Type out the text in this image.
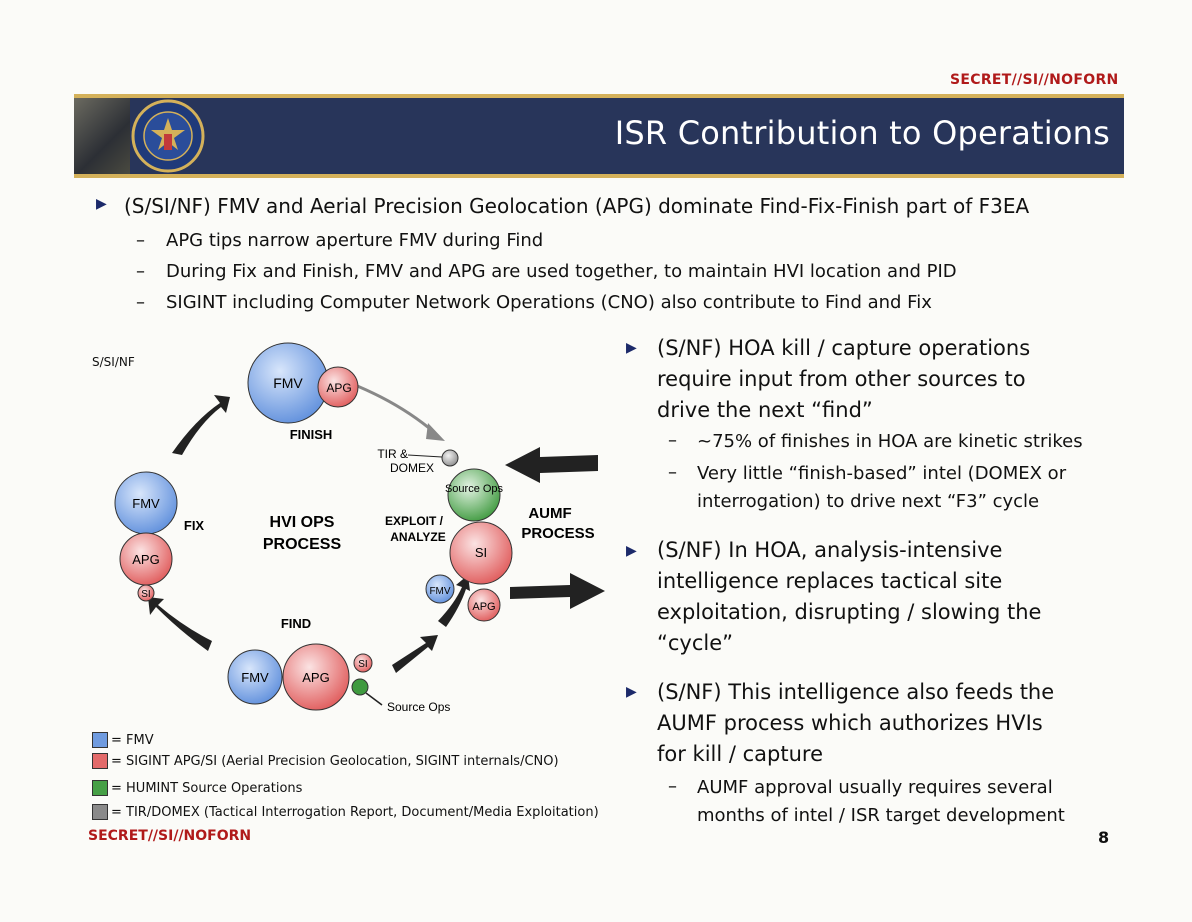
SECRET//SI//NOFORN
ISR Contribution to Operations
▶ (S/SI/NF) FMV and Aerial Precision Geolocation (APG) dominate Find-Fix-Finish part of F3EA
– APG tips narrow aperture FMV during Find
– During Fix and Finish, FMV and APG are used together, to maintain HVI location and PID
– SIGINT including Computer Network Operations (CNO) also contribute to Find and Fix
S/SI/NF
FMV APG
FINISH
FMV
APG
SI
FIX	HVI OPS
PROCESS
FIND
FMV	APG
SI
Source Ops
TIR &
DOMEX
Source Ops
SI
EXPLOIT /
ANALYZE
FMV
APG
AUMF
PROCESS
= FMV
= SIGINT APG/SI (Aerial Precision Geolocation, SIGINT internals/CNO)
= HUMINT Source Operations
= TIR/DOMEX (Tactical Interrogation Report, Document/Media Exploitation)
▶ (S/NF) HOA kill / capture operations require input from other sources to drive the next “find”
– ~75% of finishes in HOA are kinetic strikes
– Very little “finish-based” intel (DOMEX or interrogation) to drive next “F3” cycle
▶ (S/NF) In HOA, analysis-intensive intelligence replaces tactical site exploitation, disrupting / slowing the “cycle”
▶ (S/NF) This intelligence also feeds the AUMF process which authorizes HVIs for kill / capture
– AUMF approval usually requires several months of intel / ISR target development
SECRET//SI//NOFORN	8
